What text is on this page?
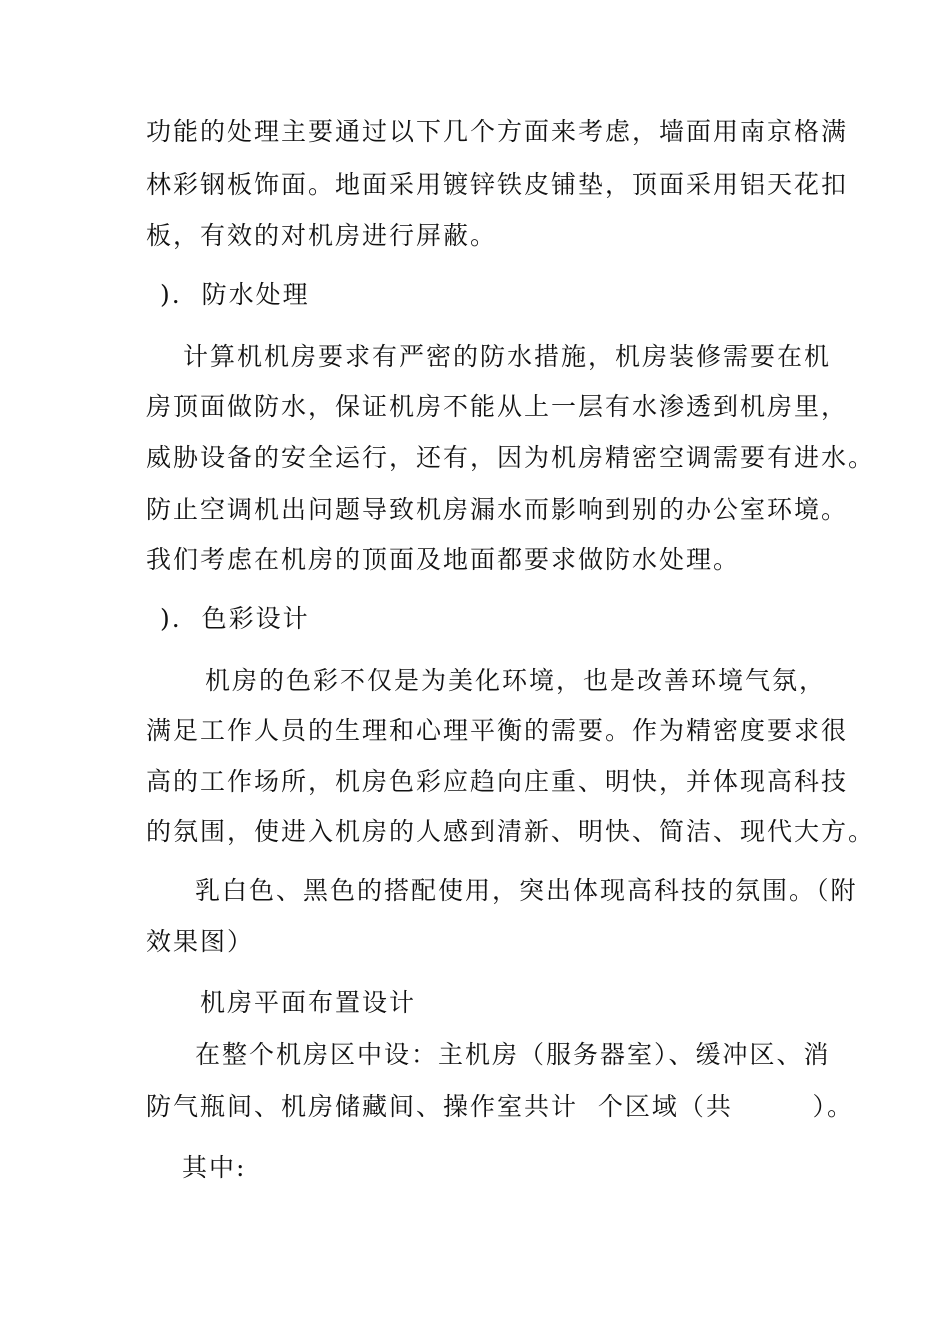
功能的处理主要通过以下几个方面来考虑，墙面用南京格满
林彩钢板饰面。地面采用镀锌铁皮铺垫，顶面采用铝天花扣
板，有效的对机房进行屏蔽。
).  防水处理
计算机机房要求有严密的防水措施，机房装修需要在机
房顶面做防水，保证机房不能从上一层有水渗透到机房里，
威胁设备的安全运行，还有，因为机房精密空调需要有进水。
防止空调机出问题导致机房漏水而影响到别的办公室环境。
我们考虑在机房的顶面及地面都要求做防水处理。
).  色彩设计
机房的色彩不仅是为美化环境，也是改善环境气氛，
满足工作人员的生理和心理平衡的需要。作为精密度要求很
高的工作场所，机房色彩应趋向庄重、明快，并体现高科技
的氛围，使进入机房的人感到清新、明快、简洁、现代大方。
乳白色、黑色的搭配使用，突出体现高科技的氛围。（附
效果图）
机房平面布置设计
在整个机房区中设：主机房（服务器室）、缓冲区、消
防气瓶间、机房储藏间、操作室共计  个区域（共        ）。
其中:
